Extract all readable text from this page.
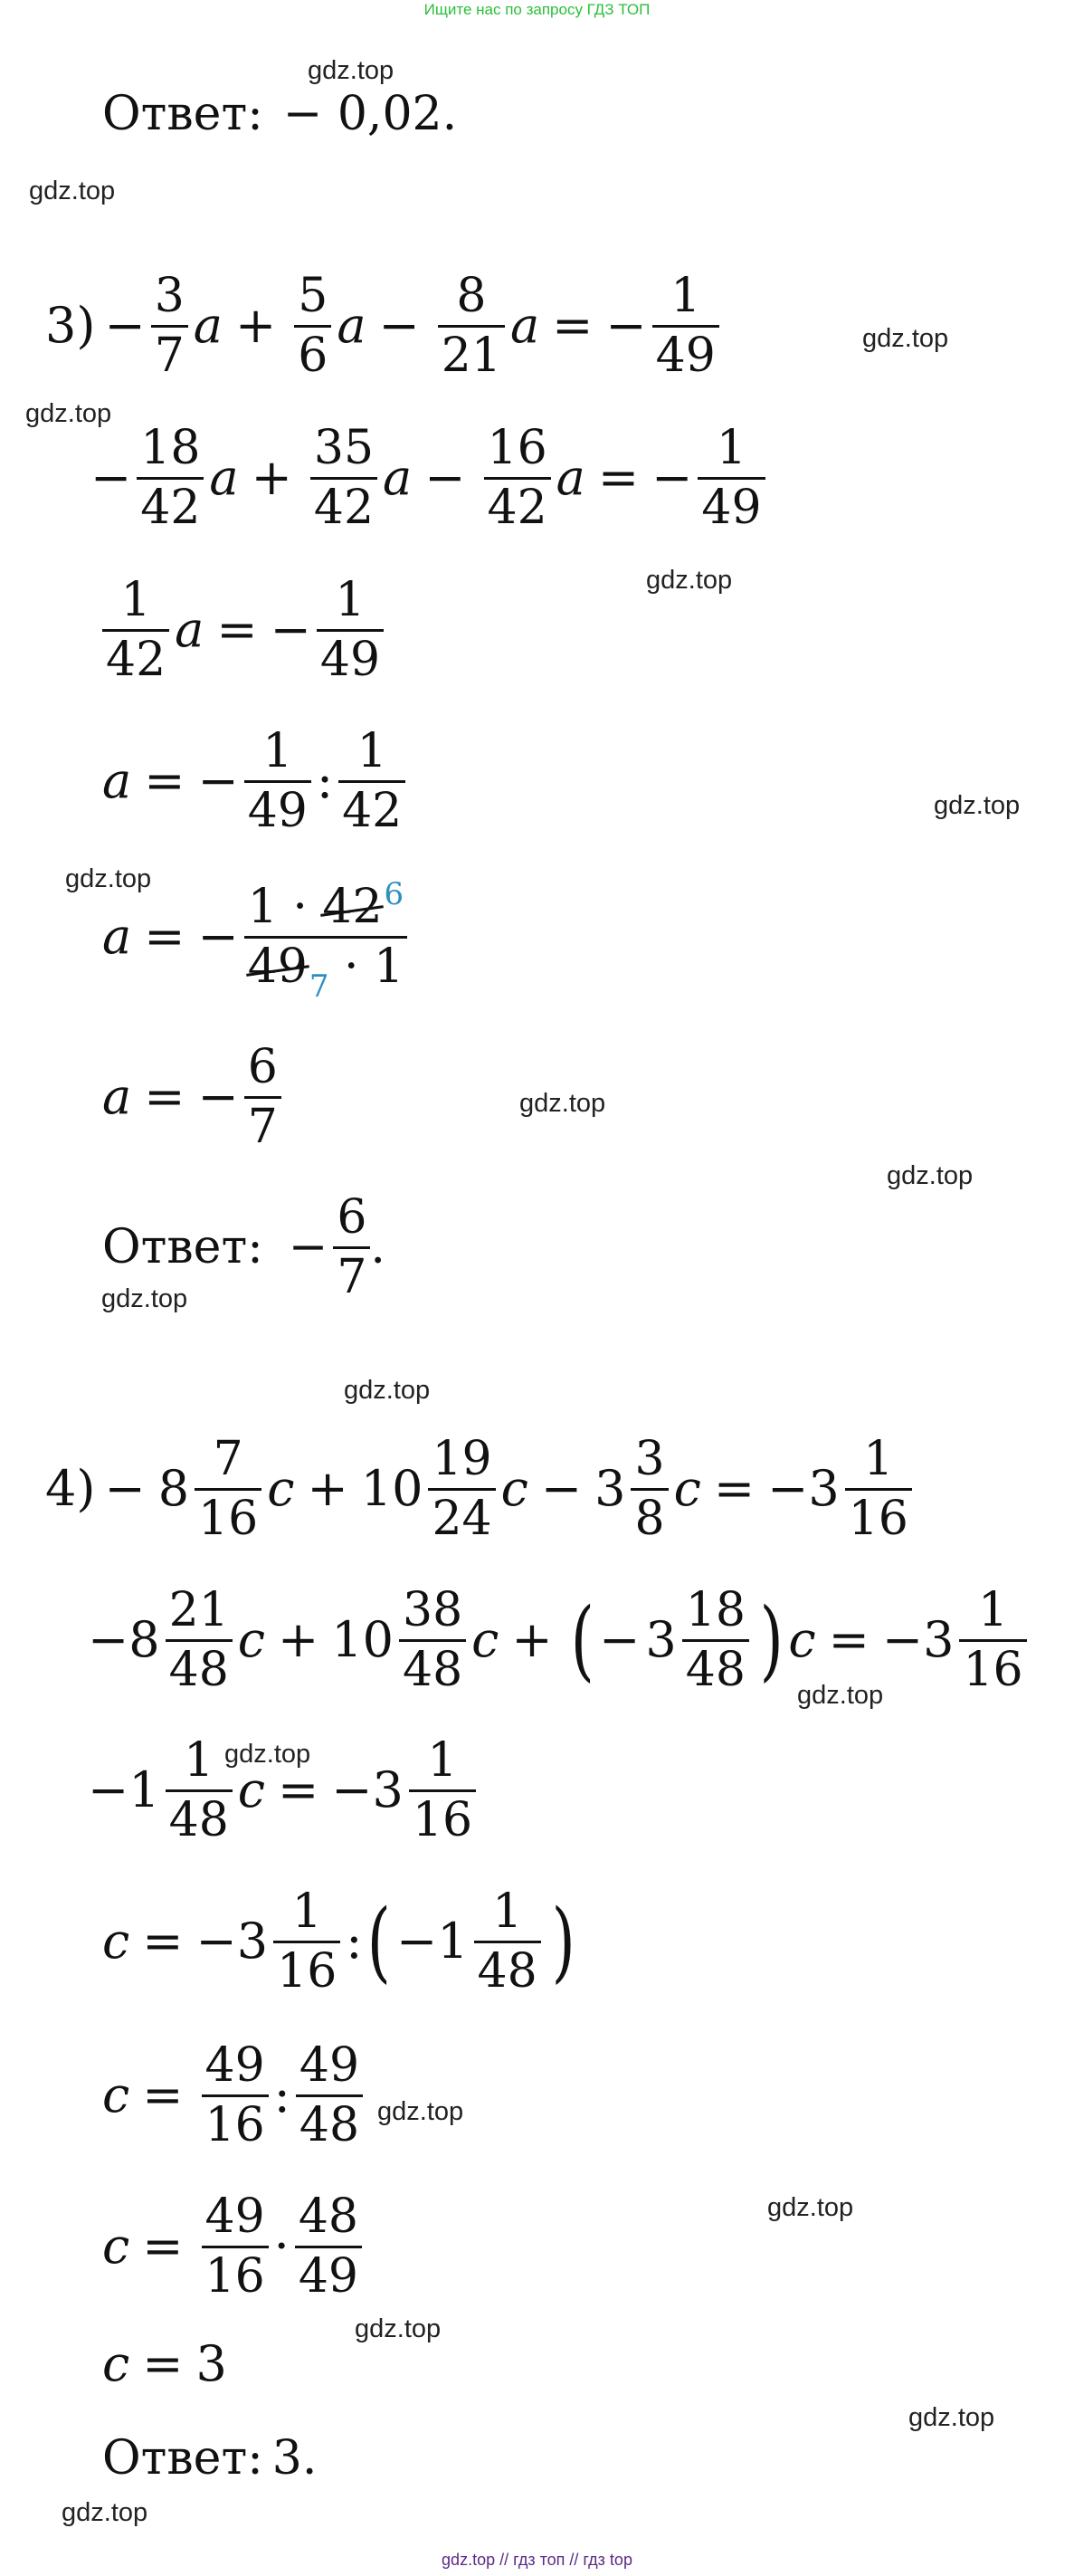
Ищите нас по запросу ГДЗ ТОП
gdz.top
gdz.top
gdz.top
gdz.top
gdz.top
gdz.top
gdz.top
gdz.top
gdz.top
gdz.top
gdz.top
gdz.top
gdz.top
gdz.top
gdz.top
gdz.top
gdz.top
gdz.top
Ответ: − 0,02.
$3) - \frac{3}{7}$ $a + \frac{5}{6}$ $a - \frac{8}{21}$ a = − $\frac{1}{49}$
− $\frac{18}{42}$ $a + \frac{35}{42}$ $a - \frac{16}{42}$ a = − $\frac{1}{49}$
$\frac{1}{42}$ a = − $\frac{1}{49}$
a = − $\frac{1}{49}$ : $\frac{1}{42}$
a = − $\frac{1 \cdot 42^6}{49_7 \cdot 1}$
a = − $\frac{6}{7}$
Ответ: − $\frac{6}{7}$ .
$4) - 8 \frac{7}{16}$ $c + 10 \frac{19}{24}$ $c - 3 \frac{3}{8}$ c = − $3 \frac{1}{16}$
− $8 \frac{21}{48}$ $c + 10 \frac{38}{48}$ c + ( − $3 \frac{18}{48}$ ) c = − $3 \frac{1}{16}$
− $1 \frac{1}{48}$ c = − $3 \frac{1}{16}$
c = − $3 \frac{1}{16}$ : ( − $1 \frac{1}{48}$ )
$c = \frac{49}{16}$ : $\frac{49}{48}$
$c = \frac{49}{16} \cdot \frac{48}{49}$
c = 3
Ответ: 3.
gdz.top // гдз топ // гдз top
